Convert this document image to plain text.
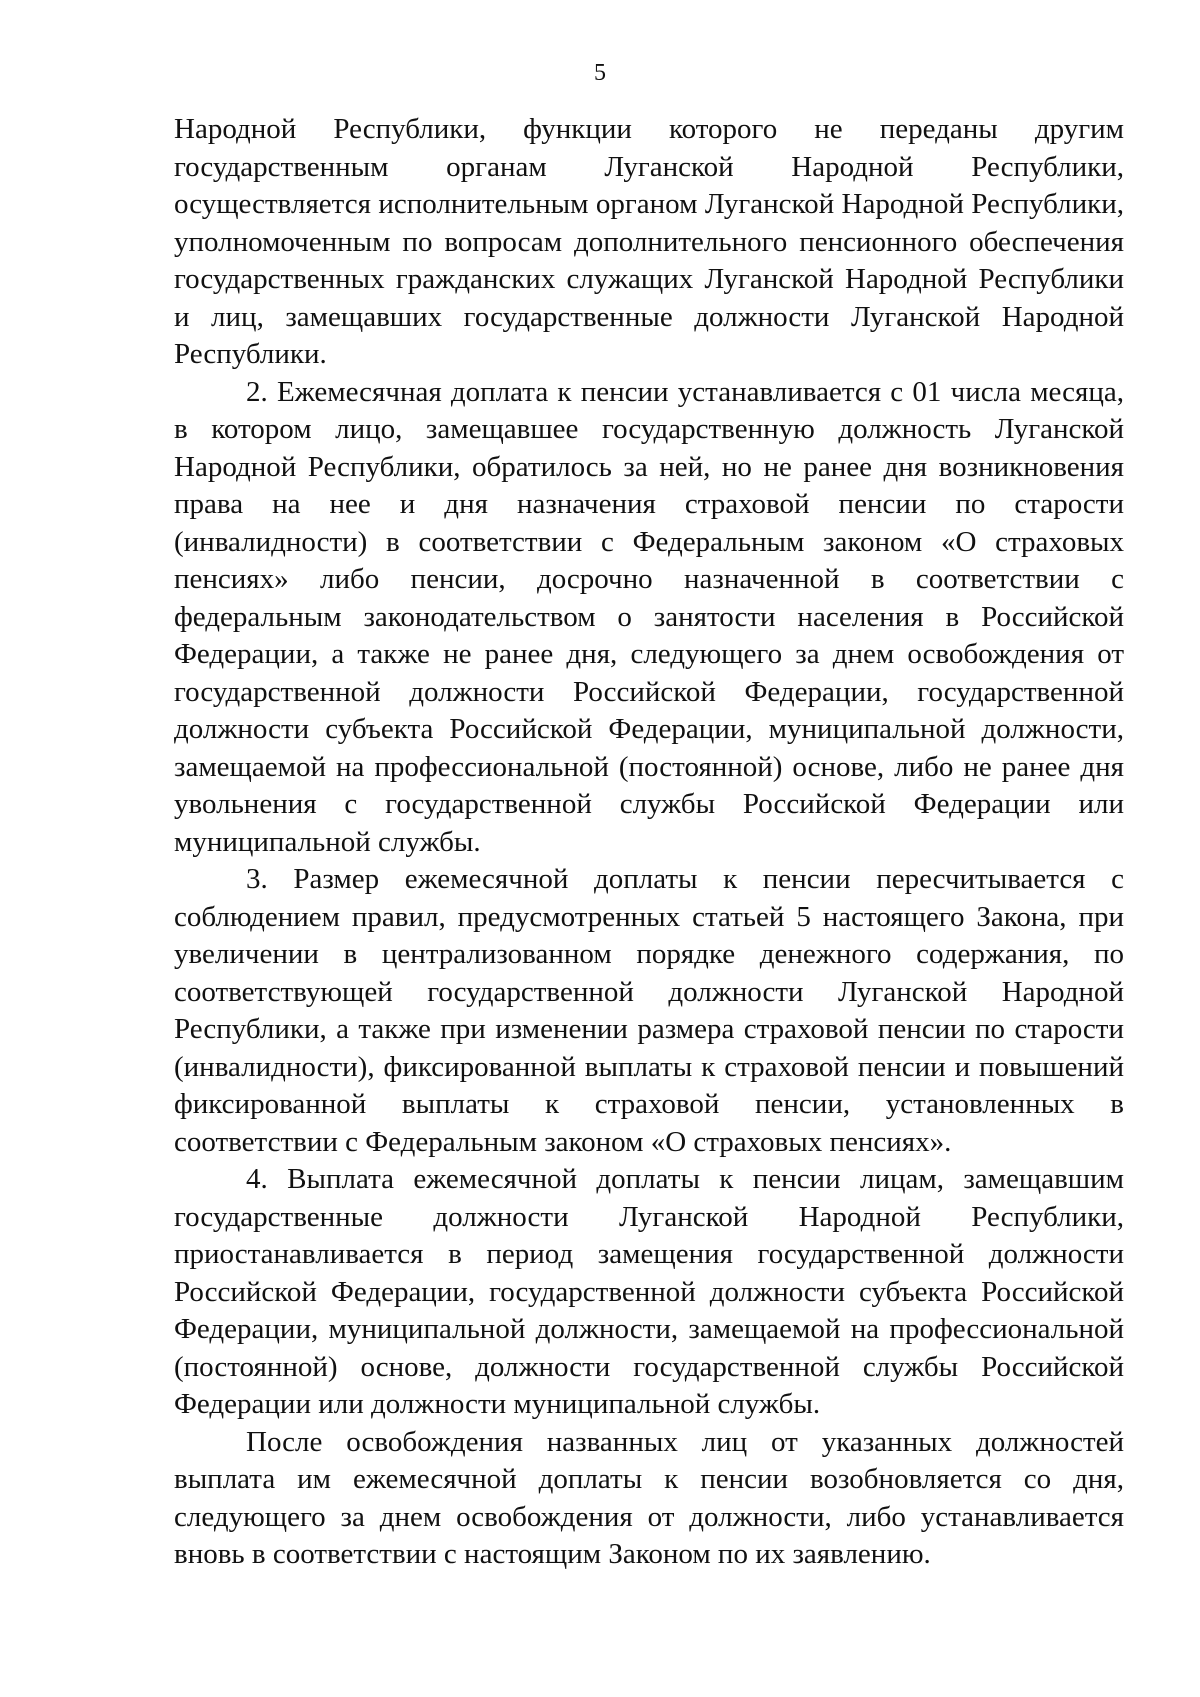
5

Народной Республики, функции которого не переданы другим государственным органам Луганской Народной Республики, осуществляется исполнительным органом Луганской Народной Республики, уполномоченным по вопросам дополнительного пенсионного обеспечения государственных гражданских служащих Луганской Народной Республики и лиц, замещавших государственные должности Луганской Народной Республики.

2. Ежемесячная доплата к пенсии устанавливается с 01 числа месяца, в котором лицо, замещавшее государственную должность Луганской Народной Республики, обратилось за ней, но не ранее дня возникновения права на нее и дня назначения страховой пенсии по старости (инвалидности) в соответствии с Федеральным законом «О страховых пенсиях» либо пенсии, досрочно назначенной в соответствии с федеральным законодательством о занятости населения в Российской Федерации, а также не ранее дня, следующего за днем освобождения от государственной должности Российской Федерации, государственной должности субъекта Российской Федерации, муниципальной должности, замещаемой на профессиональной (постоянной) основе, либо не ранее дня увольнения с государственной службы Российской Федерации или муниципальной службы.

3. Размер ежемесячной доплаты к пенсии пересчитывается с соблюдением правил, предусмотренных статьей 5 настоящего Закона, при увеличении в централизованном порядке денежного содержания, по соответствующей государственной должности Луганской Народной Республики, а также при изменении размера страховой пенсии по старости (инвалидности), фиксированной выплаты к страховой пенсии и повышений фиксированной выплаты к страховой пенсии, установленных в соответствии с Федеральным законом «О страховых пенсиях».

4. Выплата ежемесячной доплаты к пенсии лицам, замещавшим государственные должности Луганской Народной Республики, приостанавливается в период замещения государственной должности Российской Федерации, государственной должности субъекта Российской Федерации, муниципальной должности, замещаемой на профессиональной (постоянной) основе, должности государственной службы Российской Федерации или должности муниципальной службы.

После освобождения названных лиц от указанных должностей выплата им ежемесячной доплаты к пенсии возобновляется со дня, следующего за днем освобождения от должности, либо устанавливается вновь в соответствии с настоящим Законом по их заявлению.
